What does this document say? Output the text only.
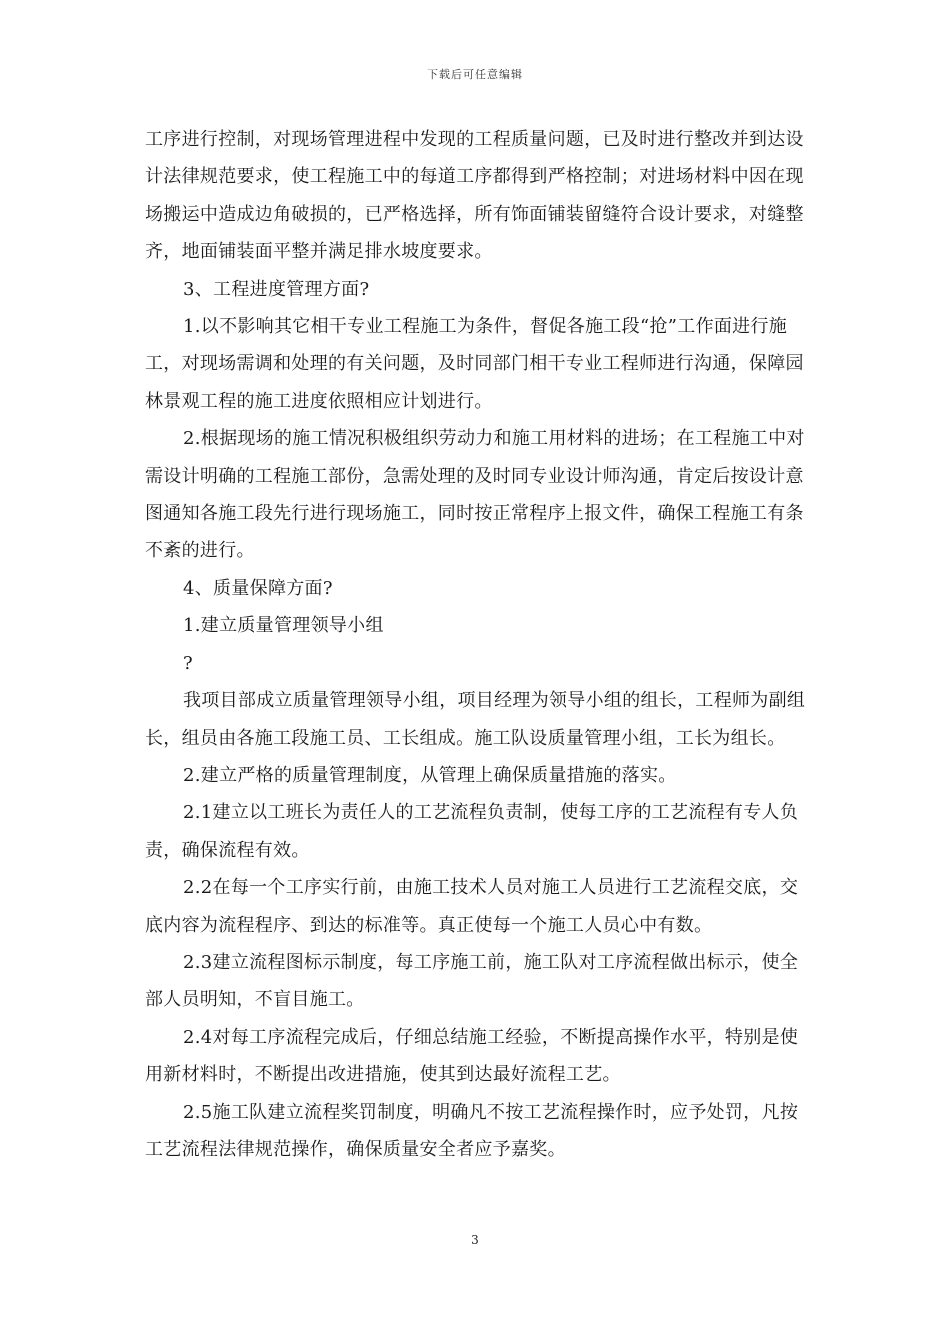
下载后可任意编辑

工序进行控制，对现场管理进程中发现的工程质量问题，已及时进行整改并到达设计法律规范要求，使工程施工中的每道工序都得到严格控制；对进场材料中因在现场搬运中造成边角破损的，已严格选择，所有饰面铺装留缝符合设计要求，对缝整齐，地面铺装面平整并满足排水坡度要求。

3、工程进度管理方面?

1.以不影响其它相干专业工程施工为条件，督促各施工段“抢”工作面进行施工，对现场需调和处理的有关问题，及时同部门相干专业工程师进行沟通，保障园林景观工程的施工进度依照相应计划进行。

2.根据现场的施工情况积极组织劳动力和施工用材料的进场；在工程施工中对需设计明确的工程施工部份，急需处理的及时同专业设计师沟通，肯定后按设计意图通知各施工段先行进行现场施工，同时按正常程序上报文件，确保工程施工有条不紊的进行。

4、质量保障方面?

1.建立质量管理领导小组

?

我项目部成立质量管理领导小组，项目经理为领导小组的组长，工程师为副组长，组员由各施工段施工员、工长组成。施工队设质量管理小组，工长为组长。

2.建立严格的质量管理制度，从管理上确保质量措施的落实。

2.1建立以工班长为责任人的工艺流程负责制，使每工序的工艺流程有专人负责，确保流程有效。

2.2在每一个工序实行前，由施工技术人员对施工人员进行工艺流程交底，交底内容为流程程序、到达的标准等。真正使每一个施工人员心中有数。

2.3建立流程图标示制度，每工序施工前，施工队对工序流程做出标示，使全部人员明知，不盲目施工。

2.4对每工序流程完成后，仔细总结施工经验，不断提高操作水平，特别是使用新材料时，不断提出改进措施，使其到达最好流程工艺。

2.5施工队建立流程奖罚制度，明确凡不按工艺流程操作时，应予处罚，凡按工艺流程法律规范操作，确保质量安全者应予嘉奖。

3
